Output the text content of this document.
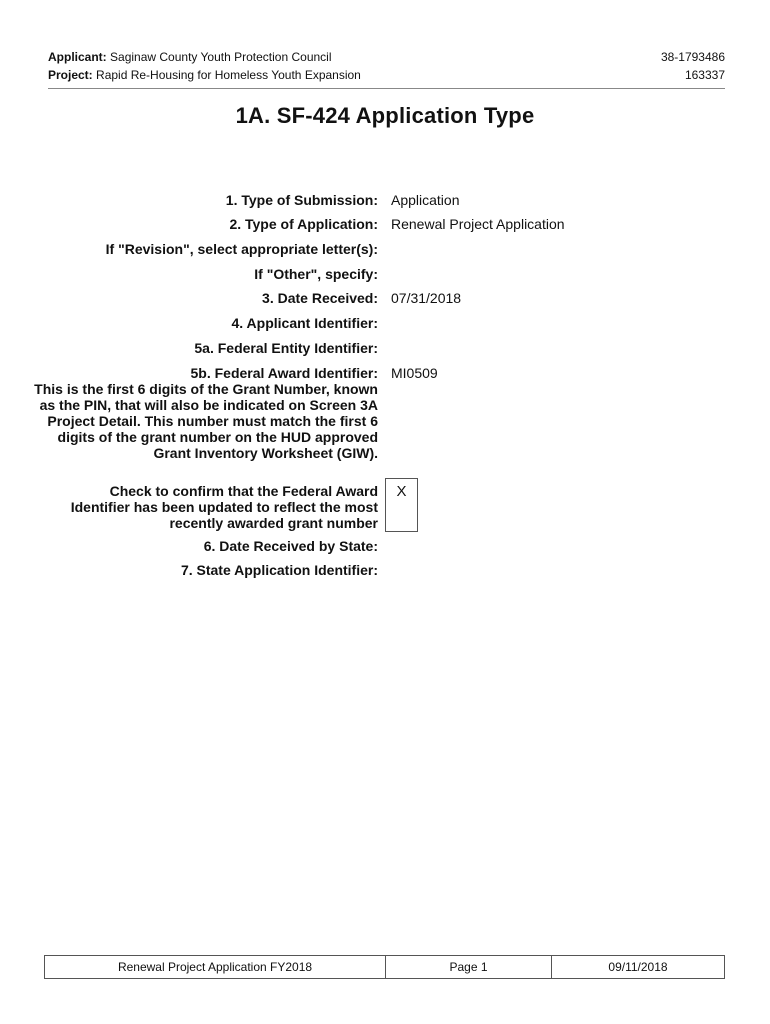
Applicant: Saginaw County Youth Protection Council
Project: Rapid Re-Housing for Homeless Youth Expansion
38-1793486
163337
1A. SF-424 Application Type
1. Type of Submission: Application
2. Type of Application: Renewal Project Application
If "Revision", select appropriate letter(s):
If "Other", specify:
3. Date Received: 07/31/2018
4. Applicant Identifier:
5a. Federal Entity Identifier:
5b. Federal Award Identifier: MI0509
This is the first 6 digits of the Grant Number, known as the PIN, that will also be indicated on Screen 3A Project Detail. This number must match the first 6 digits of the grant number on the HUD approved Grant Inventory Worksheet (GIW).
Check to confirm that the Federal Award Identifier has been updated to reflect the most recently awarded grant number
X
6. Date Received by State:
7. State Application Identifier:
Renewal Project Application FY2018	Page 1	09/11/2018
